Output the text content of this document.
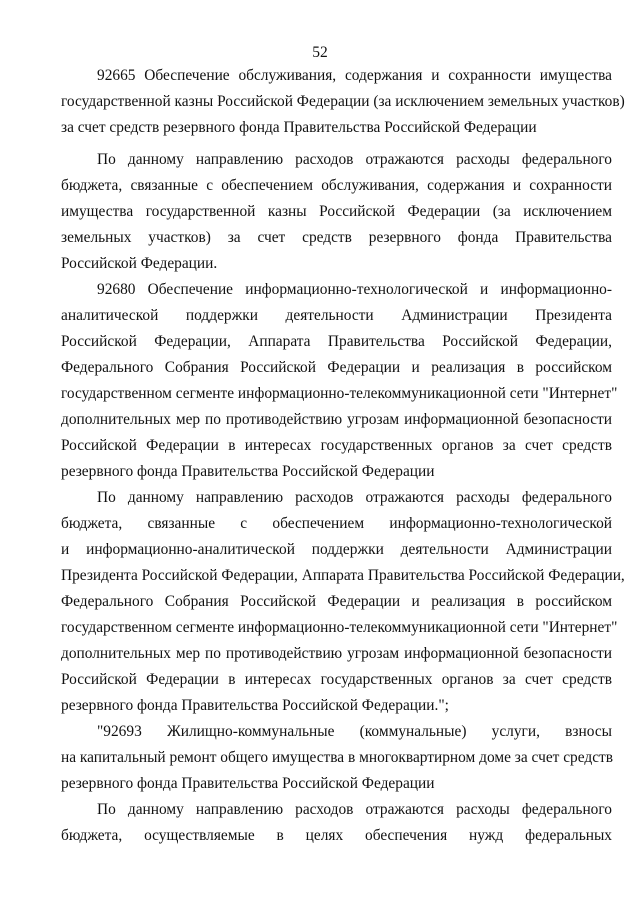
52
92665 Обеспечение обслуживания, содержания и сохранности имущества
государственной казны Российской Федерации (за исключением земельных участков)
за счет средств резервного фонда Правительства Российской Федерации
По данному направлению расходов отражаются расходы федерального
бюджета, связанные с обеспечением обслуживания, содержания и сохранности
имущества государственной казны Российской Федерации (за исключением
земельных участков) за счет средств резервного фонда Правительства
Российской Федерации.
92680 Обеспечение информационно-технологической и информационно-
аналитической поддержки деятельности Администрации Президента
Российской Федерации, Аппарата Правительства Российской Федерации,
Федерального Собрания Российской Федерации и реализация в российском
государственном сегменте информационно-телекоммуникационной сети "Интернет"
дополнительных мер по противодействию угрозам информационной безопасности
Российской Федерации в интересах государственных органов за счет средств
резервного фонда Правительства Российской Федерации
По данному направлению расходов отражаются расходы федерального
бюджета, связанные с обеспечением информационно-технологической
и информационно-аналитической поддержки деятельности Администрации
Президента Российской Федерации, Аппарата Правительства Российской Федерации,
Федерального Собрания Российской Федерации и реализация в российском
государственном сегменте информационно-телекоммуникационной сети "Интернет"
дополнительных мер по противодействию угрозам информационной безопасности
Российской Федерации в интересах государственных органов за счет средств
резервного фонда Правительства Российской Федерации.";
"92693 Жилищно-коммунальные (коммунальные) услуги, взносы
на капитальный ремонт общего имущества в многоквартирном доме за счет средств
резервного фонда Правительства Российской Федерации
По данному направлению расходов отражаются расходы федерального
бюджета, осуществляемые в целях обеспечения нужд федеральных
